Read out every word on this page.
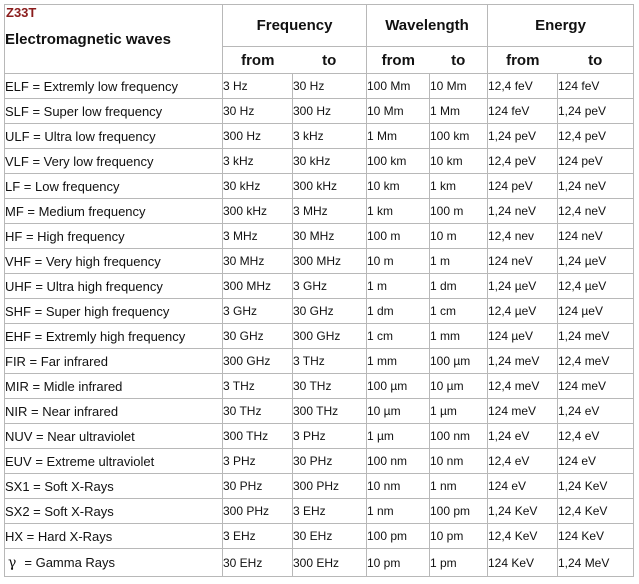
Electromagnetic waves	Frequency		Wavelength		Energy	
	from	to	from	to	from	to
ELF = Extremly low frequency	3 Hz	30 Hz	100 Mm	10 Mm	12,4 feV	124 feV
SLF = Super low frequency	30 Hz	300 Hz	10 Mm	1 Mm	124 feV	1,24 peV
ULF = Ultra low frequency	300 Hz	3 kHz	1 Mm	100 km	1,24 peV	12,4 peV
VLF = Very low frequency	3 kHz	30 kHz	100 km	10 km	12,4 peV	124 peV
LF = Low frequency	30 kHz	300 kHz	10 km	1 km	124 peV	1,24 neV
MF = Medium frequency	300 kHz	3 MHz	1 km	100 m	1,24 neV	12,4 neV
HF = High frequency	3 MHz	30 MHz	100 m	10 m	12,4 nev	124 neV
VHF = Very high frequency	30 MHz	300 MHz	10 m	1 m	124 neV	1,24 µeV
UHF = Ultra high frequency	300 MHz	3 GHz	1 m	1 dm	1,24 µeV	12,4 µeV
SHF = Super high frequency	3 GHz	30 GHz	1 dm	1 cm	12,4 µeV	124 µeV
EHF = Extremly high frequency	30 GHz	300 GHz	1 cm	1 mm	124 µeV	1,24 meV
FIR = Far infrared	300 GHz	3 THz	1 mm	100 µm	1,24 meV	12,4 meV
MIR = Midle infrared	3 THz	30 THz	100 µm	10 µm	12,4 meV	124 meV
NIR = Near infrared	30 THz	300 THz	10 µm	1 µm	124 meV	1,24 eV
NUV = Near ultraviolet	300 THz	3 PHz	1 µm	100 nm	1,24 eV	12,4 eV
EUV = Extreme ultraviolet	3 PHz	30 PHz	100 nm	10 nm	12,4 eV	124 eV
SX1 = Soft X-Rays	30 PHz	300 PHz	10 nm	1 nm	124 eV	1,24 KeV
SX2 = Soft X-Rays	300 PHz	3 EHz	1 nm	100 pm	1,24 KeV	12,4 KeV
HX = Hard X-Rays	3 EHz	30 EHz	100 pm	10 pm	12,4 KeV	124 KeV
γ = Gamma Rays	30 EHz	300 EHz	10 pm	1 pm	124 KeV	1,24 MeV
Z33T
